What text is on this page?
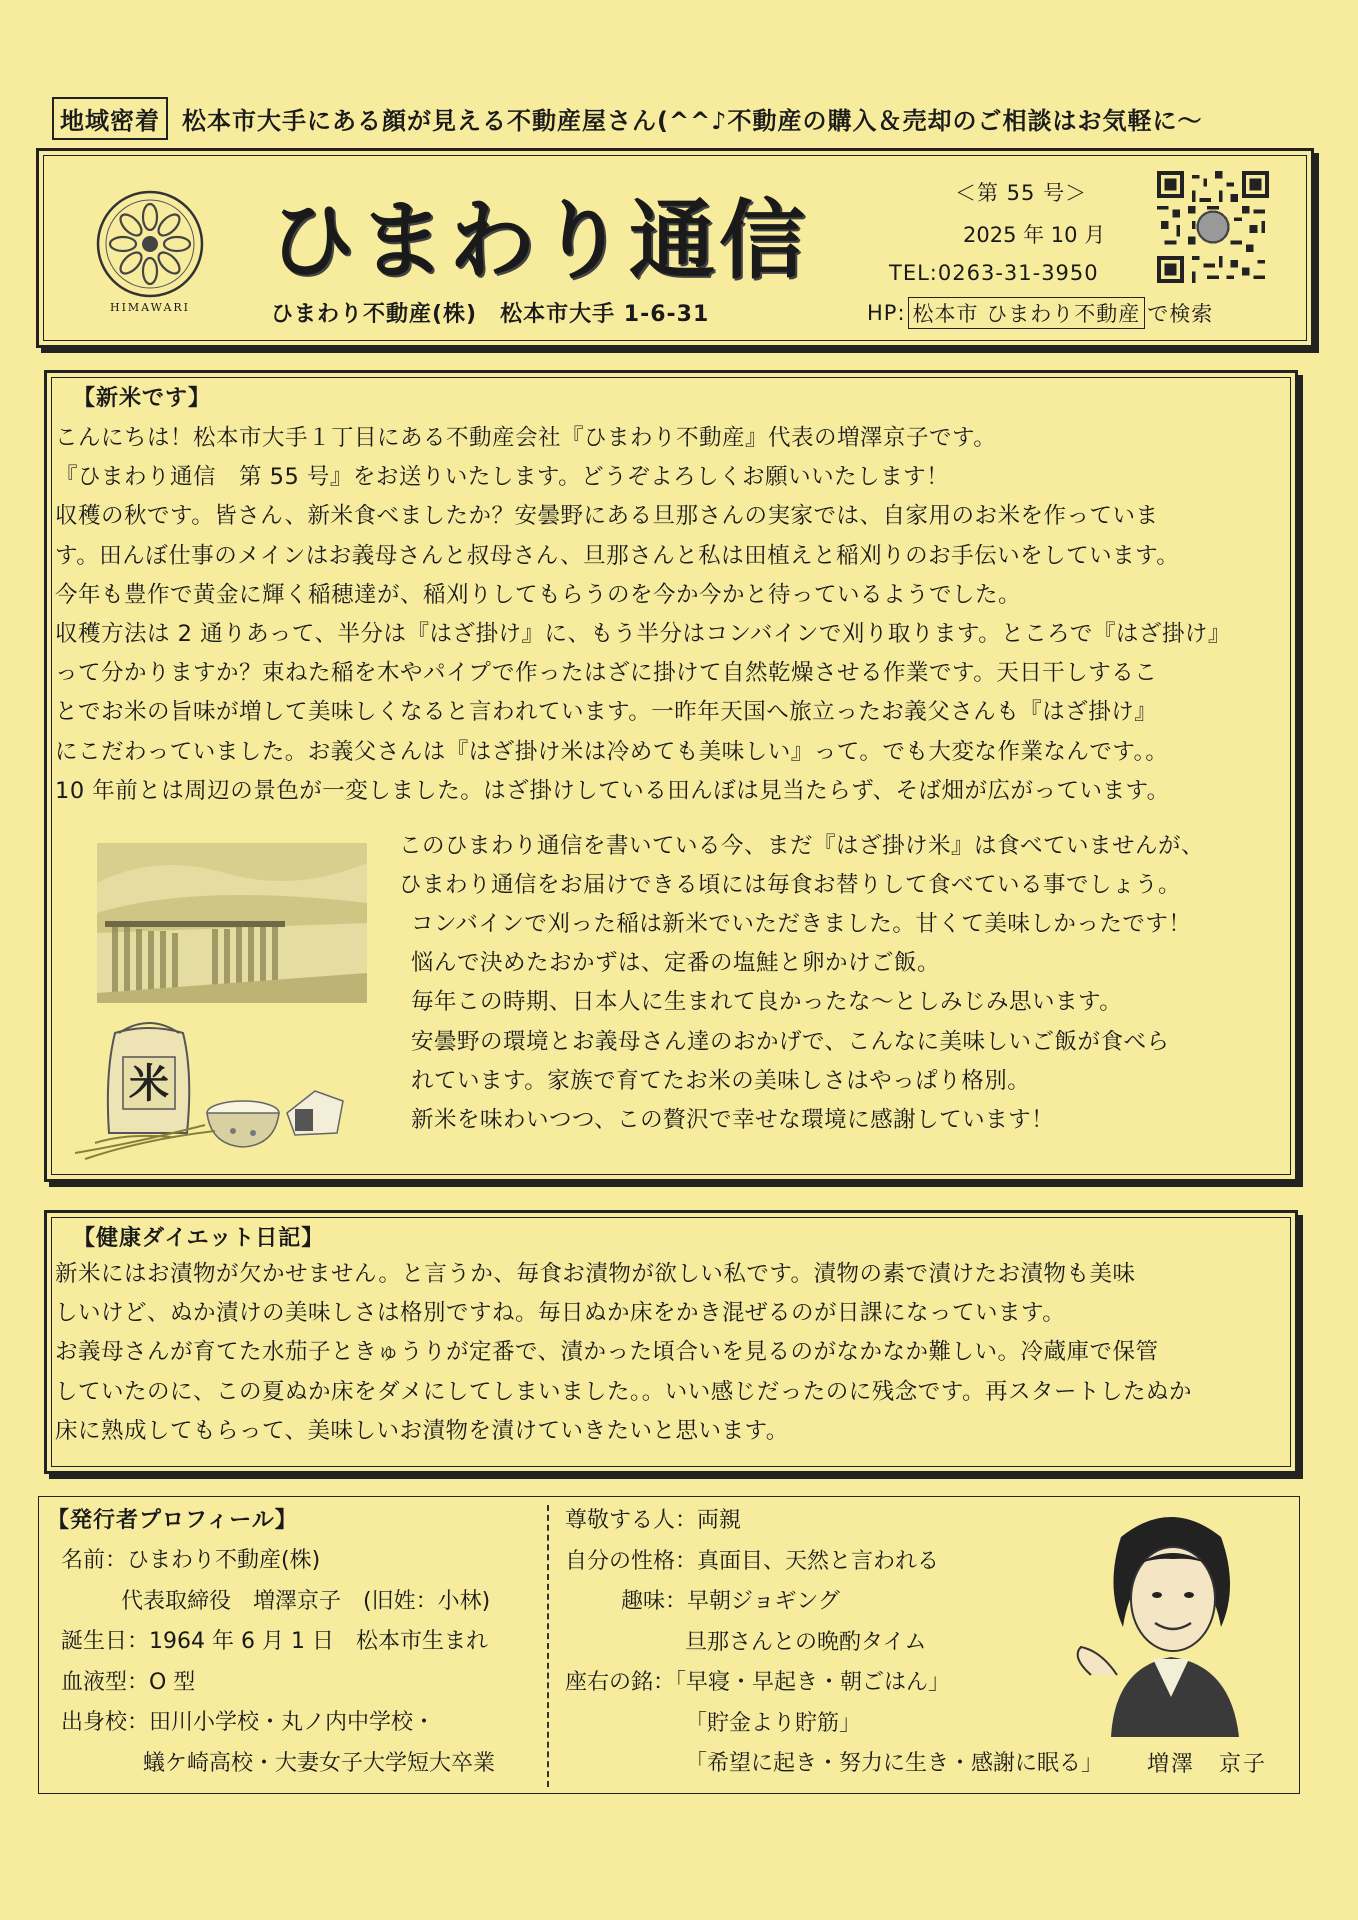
地域密着 松本市大手にある顔が見える不動産屋さん(^^♪不動産の購入＆売却のご相談はお気軽に～
HIMAWARI
ひまわり通信
ひまわり不動産(株)　松本市大手 1-6-31
＜第 55 号＞
2025 年 10 月
TEL:0263-31-3950
HP: 松本市 ひまわり不動産 で検索
【新米です】
こんにちは！松本市大手１丁目にある不動産会社『ひまわり不動産』代表の増澤京子です。
『ひまわり通信　第 55 号』をお送りいたします。どうぞよろしくお願いいたします！
収穫の秋です。皆さん、新米食べましたか？安曇野にある旦那さんの実家では、自家用のお米を作っていま
す。田んぼ仕事のメインはお義母さんと叔母さん、旦那さんと私は田植えと稲刈りのお手伝いをしています。
今年も豊作で黄金に輝く稲穂達が、稲刈りしてもらうのを今か今かと待っているようでした。
収穫方法は 2 通りあって、半分は『はざ掛け』に、もう半分はコンバインで刈り取ります。ところで『はざ掛け』
って分かりますか？束ねた稲を木やパイプで作ったはざに掛けて自然乾燥させる作業です。天日干しするこ
とでお米の旨味が増して美味しくなると言われています。一昨年天国へ旅立ったお義父さんも『はざ掛け』
にこだわっていました。お義父さんは『はざ掛け米は冷めても美味しい』って。でも大変な作業なんです。。
10 年前とは周辺の景色が一変しました。はざ掛けしている田んぼは見当たらず、そば畑が広がっています。
このひまわり通信を書いている今、まだ『はざ掛け米』は食べていませんが、
ひまわり通信をお届けできる頃には毎食お替りして食べている事でしょう。
コンバインで刈った稲は新米でいただきました。甘くて美味しかったです！
悩んで決めたおかずは、定番の塩鮭と卵かけご飯。
毎年この時期、日本人に生まれて良かったな～としみじみ思います。
安曇野の環境とお義母さん達のおかげで、こんなに美味しいご飯が食べら
れています。家族で育てたお米の美味しさはやっぱり格別。
新米を味わいつつ、この贅沢で幸せな環境に感謝しています！
米
【健康ダイエット日記】
新米にはお漬物が欠かせません。と言うか、毎食お漬物が欲しい私です。漬物の素で漬けたお漬物も美味
しいけど、ぬか漬けの美味しさは格別ですね。毎日ぬか床をかき混ぜるのが日課になっています。
お義母さんが育てた水茄子ときゅうりが定番で、漬かった頃合いを見るのがなかなか難しい。冷蔵庫で保管
していたのに、この夏ぬか床をダメにしてしまいました。。いい感じだったのに残念です。再スタートしたぬか
床に熟成してもらって、美味しいお漬物を漬けていきたいと思います。
【発行者プロフィール】
名前：ひまわり不動産(株)
代表取締役　増澤京子　(旧姓：小林)
誕生日：1964 年 6 月 1 日　松本市生まれ
血液型：O 型
出身校：田川小学校・丸ノ内中学校・
蟻ケ崎高校・大妻女子大学短大卒業
尊敬する人：両親
自分の性格：真面目、天然と言われる
趣味：早朝ジョギング
旦那さんとの晩酌タイム
座右の銘：「早寝・早起き・朝ごはん」
「貯金より貯筋」
「希望に起き・努力に生き・感謝に眠る」 増澤　京子
